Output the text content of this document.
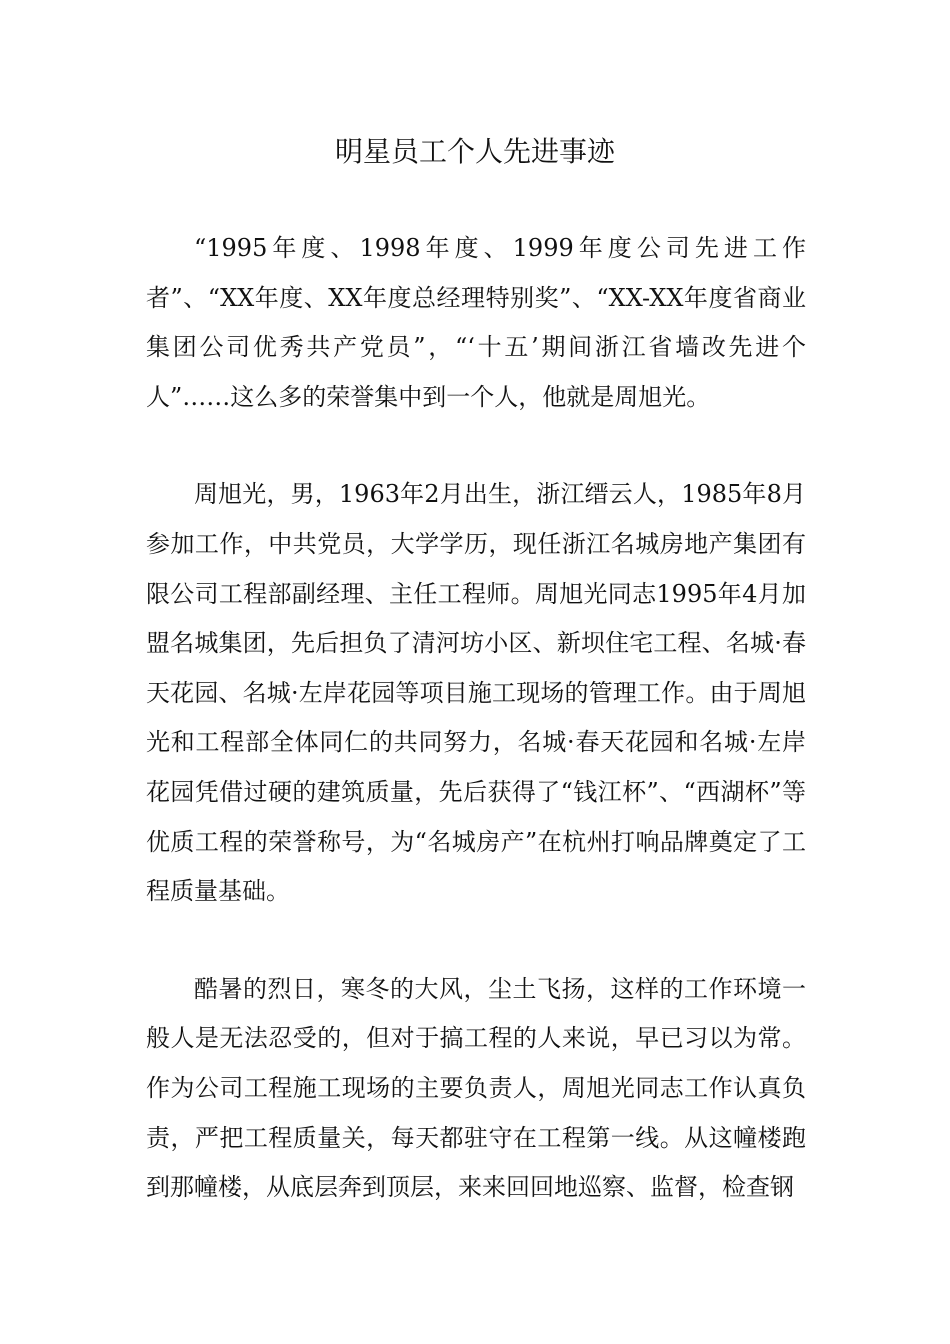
明星员工个人先进事迹

“1995年度、1998年度、1999年度公司先进工作者”、“XX年度、XX年度总经理特别奖”、“XX-XX年度省商业集团公司优秀共产党员”，“‘十五’期间浙江省墙改先进个人”……这么多的荣誉集中到一个人，他就是周旭光。

周旭光，男，1963年2月出生，浙江缙云人，1985年8月参加工作，中共党员，大学学历，现任浙江名城房地产集团有限公司工程部副经理、主任工程师。周旭光同志1995年4月加盟名城集团，先后担负了清河坊小区、新坝住宅工程、名城·春天花园、名城·左岸花园等项目施工现场的管理工作。由于周旭光和工程部全体同仁的共同努力，名城·春天花园和名城·左岸花园凭借过硬的建筑质量，先后获得了“钱江杯”、“西湖杯”等优质工程的荣誉称号，为“名城房产”在杭州打响品牌奠定了工程质量基础。

酷暑的烈日，寒冬的大风，尘土飞扬，这样的工作环境一般人是无法忍受的，但对于搞工程的人来说，早已习以为常。作为公司工程施工现场的主要负责人，周旭光同志工作认真负责，严把工程质量关，每天都驻守在工程第一线。从这幢楼跑到那幢楼，从底层奔到顶层，来来回回地巡察、监督，检查钢
